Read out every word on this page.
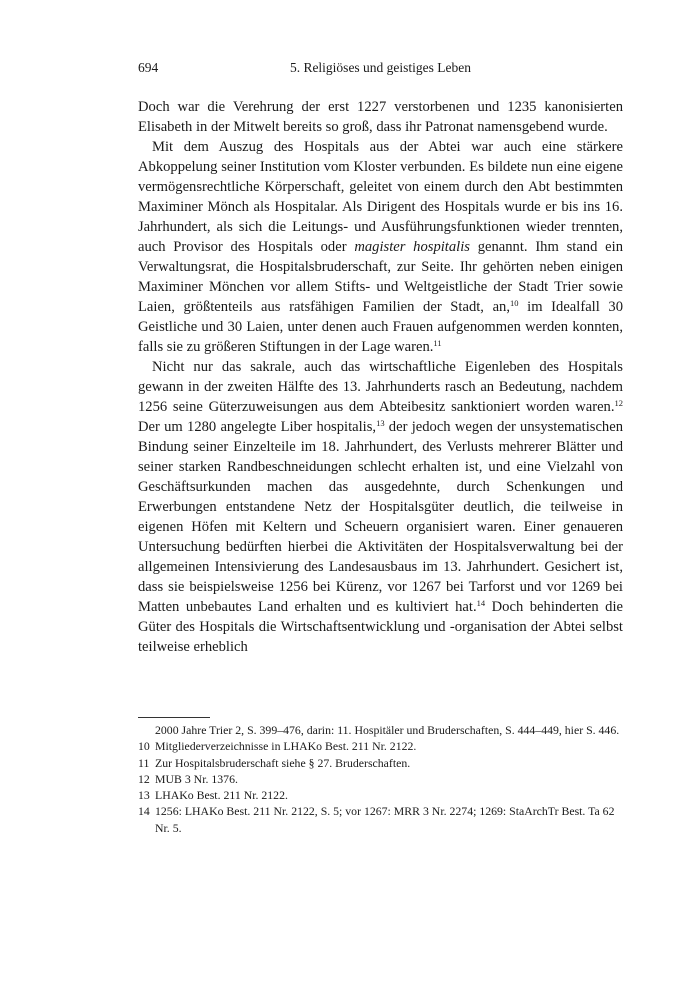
694	5. Religiöses und geistiges Leben

Doch war die Verehrung der erst 1227 verstorbenen und 1235 kanonisierten Elisabeth in der Mitwelt bereits so groß, dass ihr Patronat namensgebend wurde.

Mit dem Auszug des Hospitals aus der Abtei war auch eine stärkere Abkoppelung seiner Institution vom Kloster verbunden. Es bildete nun eine eigene vermögensrechtliche Körperschaft, geleitet von einem durch den Abt bestimmten Maximiner Mönch als Hospitalar. Als Dirigent des Hospitals wurde er bis ins 16. Jahrhundert, als sich die Leitungs- und Ausführungsfunktionen wieder trennten, auch Provisor des Hospitals oder magister hospitalis genannt. Ihm stand ein Verwaltungsrat, die Hospitalsbruderschaft, zur Seite. Ihr gehörten neben einigen Maximiner Mönchen vor allem Stifts- und Weltgeistliche der Stadt Trier sowie Laien, größtenteils aus ratsfähigen Familien der Stadt, an,$^{10}$ im Idealfall 30 Geistliche und 30 Laien, unter denen auch Frauen aufgenommen werden konnten, falls sie zu größeren Stiftungen in der Lage waren.$^{11}$

Nicht nur das sakrale, auch das wirtschaftliche Eigenleben des Hospitals gewann in der zweiten Hälfte des 13. Jahrhunderts rasch an Bedeutung, nachdem 1256 seine Güterzuweisungen aus dem Abteibesitz sanktioniert worden waren.$^{12}$ Der um 1280 angelegte Liber hospitalis,$^{13}$ der jedoch wegen der unsystematischen Bindung seiner Einzelteile im 18. Jahrhundert, des Verlusts mehrerer Blätter und seiner starken Randbeschneidungen schlecht erhalten ist, und eine Vielzahl von Geschäftsurkunden machen das ausgedehnte, durch Schenkungen und Erwerbungen entstandene Netz der Hospitalsgüter deutlich, die teilweise in eigenen Höfen mit Keltern und Scheuern organisiert waren. Einer genaueren Untersuchung bedürften hierbei die Aktivitäten der Hospitalsverwaltung bei der allgemeinen Intensivierung des Landesausbaus im 13. Jahrhundert. Gesichert ist, dass sie beispielsweise 1256 bei Kürenz, vor 1267 bei Tarforst und vor 1269 bei Matten unbebautes Land erhalten und es kultiviert hat.$^{14}$ Doch behinderten die Güter des Hospitals die Wirtschaftsentwicklung und -organisation der Abtei selbst teilweise erheblich

2000 Jahre Trier 2, S. 399–476, darin: 11. Hospitäler und Bruderschaften, S. 444–449, hier S. 446.
10 Mitgliederverzeichnisse in LHAKo Best. 211 Nr. 2122.
11 Zur Hospitalsbruderschaft siehe § 27. Bruderschaften.
12 MUB 3 Nr. 1376.
13 LHAKo Best. 211 Nr. 2122.
14 1256: LHAKo Best. 211 Nr. 2122, S. 5; vor 1267: MRR 3 Nr. 2274; 1269: StaArchTr Best. Ta 62 Nr. 5.
